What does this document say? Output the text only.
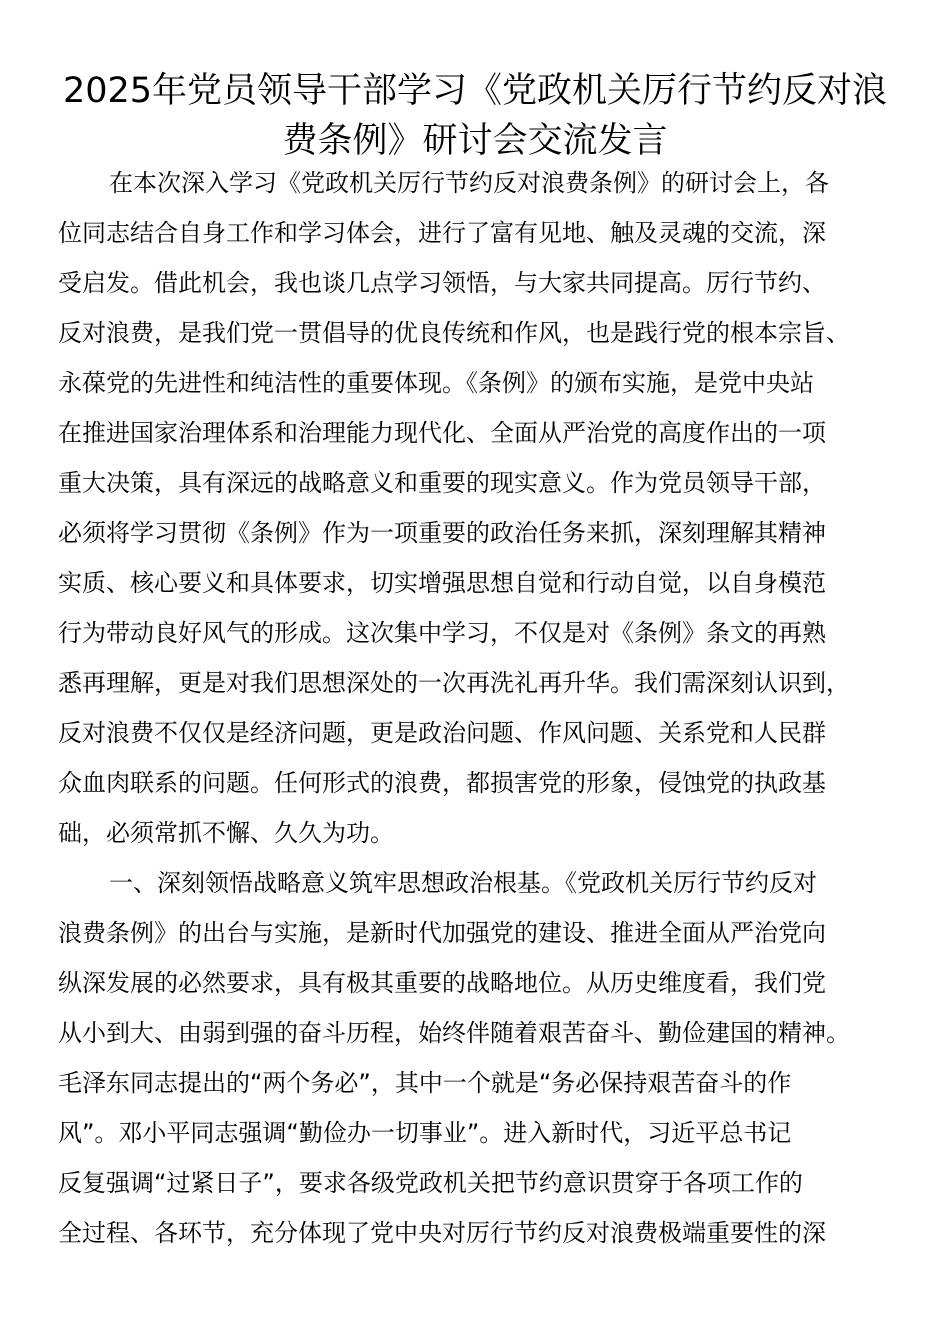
2025年党员领导干部学习《党政机关厉行节约反对浪
费条例》研讨会交流发言
在本次深入学习《党政机关厉行节约反对浪费条例》的研讨会上，各
位同志结合自身工作和学习体会，进行了富有见地、触及灵魂的交流，深
受启发。借此机会，我也谈几点学习领悟，与大家共同提高。厉行节约、
反对浪费，是我们党一贯倡导的优良传统和作风，也是践行党的根本宗旨、
永葆党的先进性和纯洁性的重要体现。《条例》的颁布实施，是党中央站
在推进国家治理体系和治理能力现代化、全面从严治党的高度作出的一项
重大决策，具有深远的战略意义和重要的现实意义。作为党员领导干部，
必须将学习贯彻《条例》作为一项重要的政治任务来抓，深刻理解其精神
实质、核心要义和具体要求，切实增强思想自觉和行动自觉，以自身模范
行为带动良好风气的形成。这次集中学习，不仅是对《条例》条文的再熟
悉再理解，更是对我们思想深处的一次再洗礼再升华。我们需深刻认识到，
反对浪费不仅仅是经济问题，更是政治问题、作风问题、关系党和人民群
众血肉联系的问题。任何形式的浪费，都损害党的形象，侵蚀党的执政基
础，必须常抓不懈、久久为功。
一、深刻领悟战略意义筑牢思想政治根基。《党政机关厉行节约反对
浪费条例》的出台与实施，是新时代加强党的建设、推进全面从严治党向
纵深发展的必然要求，具有极其重要的战略地位。从历史维度看，我们党
从小到大、由弱到强的奋斗历程，始终伴随着艰苦奋斗、勤俭建国的精神。
毛泽东同志提出的“两个务必”，其中一个就是“务必保持艰苦奋斗的作
风”。邓小平同志强调“勤俭办一切事业”。进入新时代，习近平总书记
反复强调“过紧日子”，要求各级党政机关把节约意识贯穿于各项工作的
全过程、各环节，充分体现了党中央对厉行节约反对浪费极端重要性的深
